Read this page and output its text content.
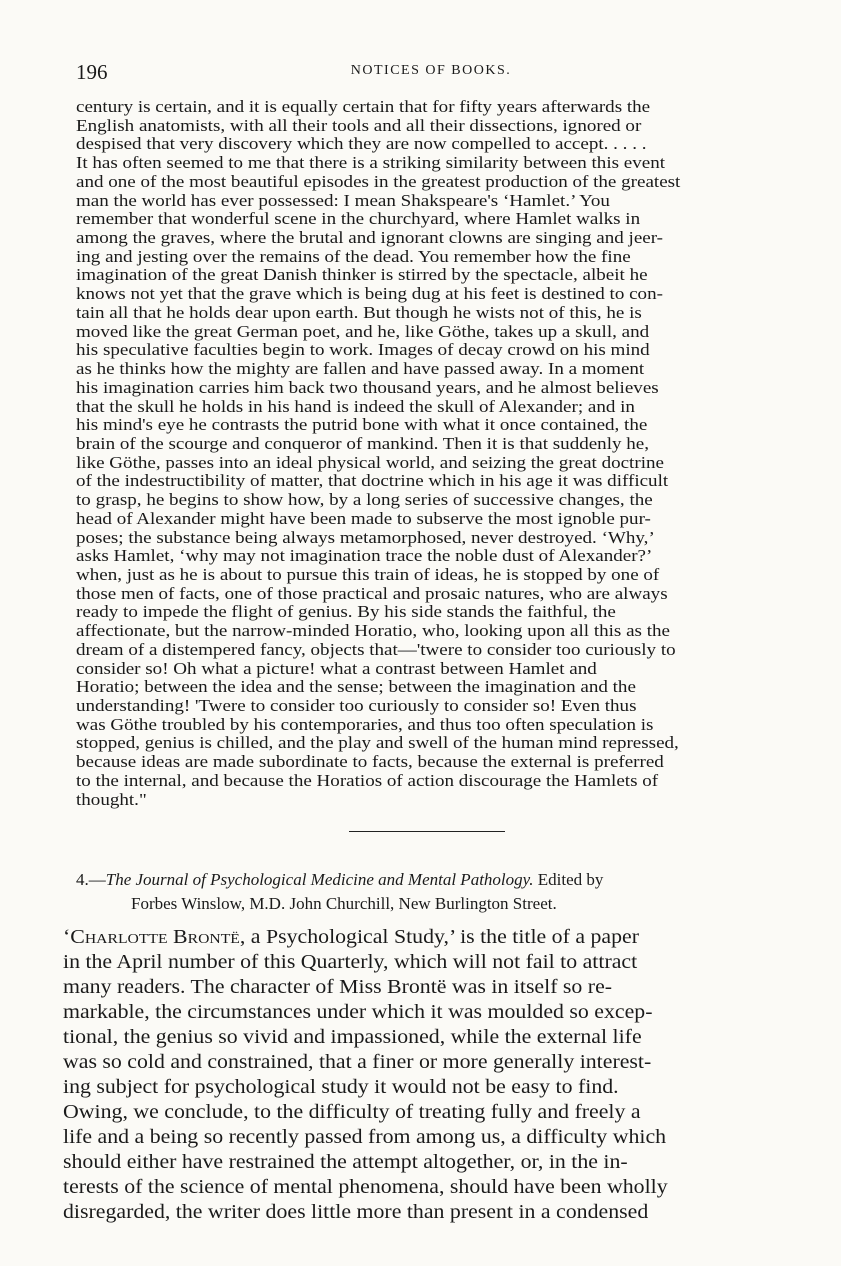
196	NOTICES OF BOOKS.
century is certain, and it is equally certain that for fifty years afterwards the
English anatomists, with all their tools and all their dissections, ignored or
despised that very discovery which they are now compelled to accept. . . . .
It has often seemed to me that there is a striking similarity between this event
and one of the most beautiful episodes in the greatest production of the greatest
man the world has ever possessed: I mean Shakspeare's ‘Hamlet.’ You
remember that wonderful scene in the churchyard, where Hamlet walks in
among the graves, where the brutal and ignorant clowns are singing and jeer-
ing and jesting over the remains of the dead. You remember how the fine
imagination of the great Danish thinker is stirred by the spectacle, albeit he
knows not yet that the grave which is being dug at his feet is destined to con-
tain all that he holds dear upon earth. But though he wists not of this, he is
moved like the great German poet, and he, like Göthe, takes up a skull, and
his speculative faculties begin to work. Images of decay crowd on his mind
as he thinks how the mighty are fallen and have passed away. In a moment
his imagination carries him back two thousand years, and he almost believes
that the skull he holds in his hand is indeed the skull of Alexander; and in
his mind's eye he contrasts the putrid bone with what it once contained, the
brain of the scourge and conqueror of mankind. Then it is that suddenly he,
like Göthe, passes into an ideal physical world, and seizing the great doctrine
of the indestructibility of matter, that doctrine which in his age it was difficult
to grasp, he begins to show how, by a long series of successive changes, the
head of Alexander might have been made to subserve the most ignoble pur-
poses; the substance being always metamorphosed, never destroyed. ‘Why,’
asks Hamlet, ‘why may not imagination trace the noble dust of Alexander?’
when, just as he is about to pursue this train of ideas, he is stopped by one of
those men of facts, one of those practical and prosaic natures, who are always
ready to impede the flight of genius. By his side stands the faithful, the
affectionate, but the narrow-minded Horatio, who, looking upon all this as the
dream of a distempered fancy, objects that—'twere to consider too curiously to
consider so! Oh what a picture! what a contrast between Hamlet and
Horatio; between the idea and the sense; between the imagination and the
understanding! 'Twere to consider too curiously to consider so! Even thus
was Göthe troubled by his contemporaries, and thus too often speculation is
stopped, genius is chilled, and the play and swell of the human mind repressed,
because ideas are made subordinate to facts, because the external is preferred
to the internal, and because the Horatios of action discourage the Hamlets of
thought."
4.—The Journal of Psychological Medicine and Mental Pathology. Edited by
Forbes Winslow, M.D. John Churchill, New Burlington Street.
‘Charlotte Brontë, a Psychological Study,’ is the title of a paper
in the April number of this Quarterly, which will not fail to attract
many readers. The character of Miss Brontë was in itself so re-
markable, the circumstances under which it was moulded so excep-
tional, the genius so vivid and impassioned, while the external life
was so cold and constrained, that a finer or more generally interest-
ing subject for psychological study it would not be easy to find.
Owing, we conclude, to the difficulty of treating fully and freely a
life and a being so recently passed from among us, a difficulty which
should either have restrained the attempt altogether, or, in the in-
terests of the science of mental phenomena, should have been wholly
disregarded, the writer does little more than present in a condensed
